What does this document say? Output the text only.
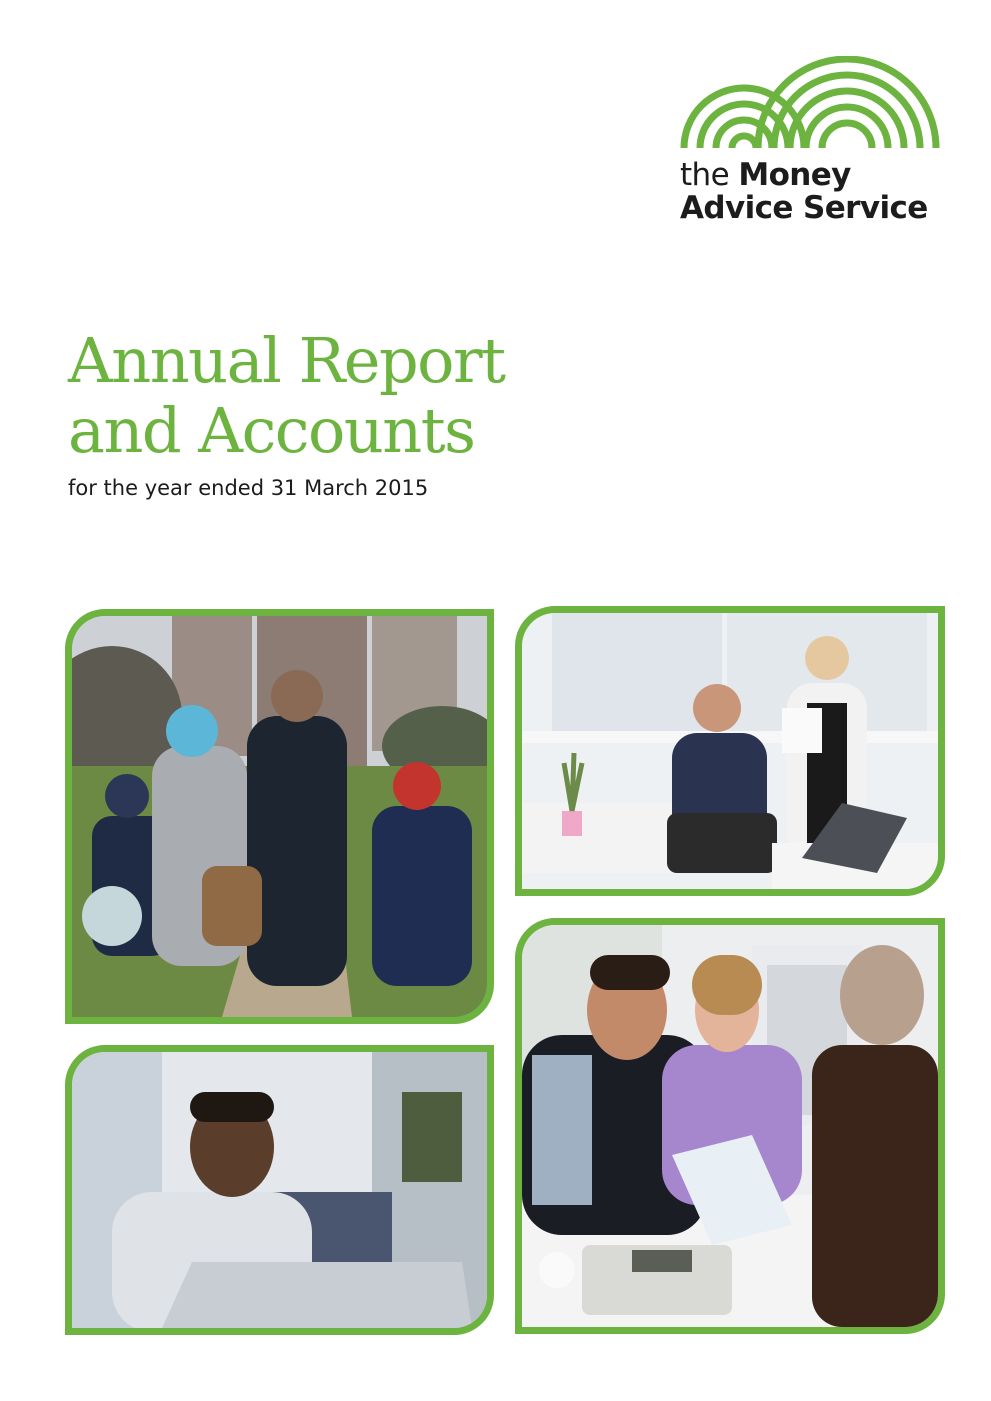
the Money
Advice Service
Annual Report
and Accounts
for the year ended 31 March 2015
